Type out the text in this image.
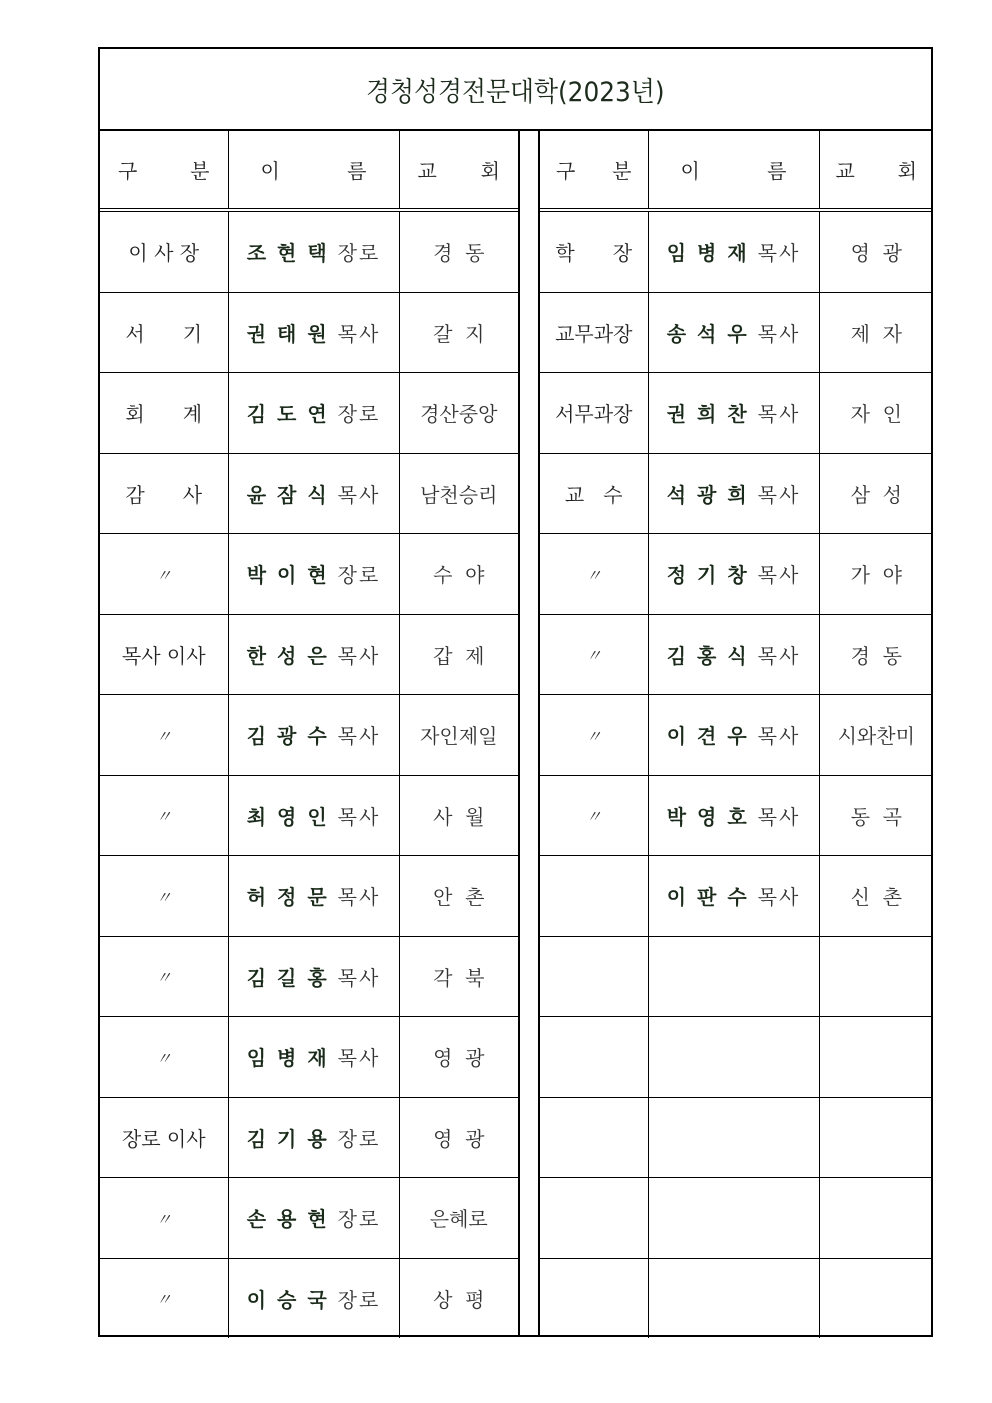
경청성경전문대학(2023년)
구 분	이 름	교 회

이 사 장	조현택 장로	경  동
서      기	권태원 목사	갈  지
회      계	김도연 장로	경산중앙
감      사	윤잠식 목사	남천승리
〃	박이현 장로	수  야
목사 이사	한성은 목사	갑  제
〃	김광수 목사	자인제일
〃	최영인 목사	사  월
〃	허정문 목사	안  촌
〃	김길홍 목사	각  북
〃	임병재 목사	영  광
장로 이사	김기용 장로	영  광
〃	손용현 장로	은혜로
〃	이승국 장로	상  평
구 분	이 름	교 회

학      장	임병재 목사	영  광
교무과장	송석우 목사	제  자
서무과장	권희찬 목사	자  인
교   수	석광희 목사	삼  성
〃	정기창 목사	가  야
〃	김홍식 목사	경  동
〃	이견우 목사	시와찬미
〃	박영호 목사	동  곡

	이판수 목사	신  촌
